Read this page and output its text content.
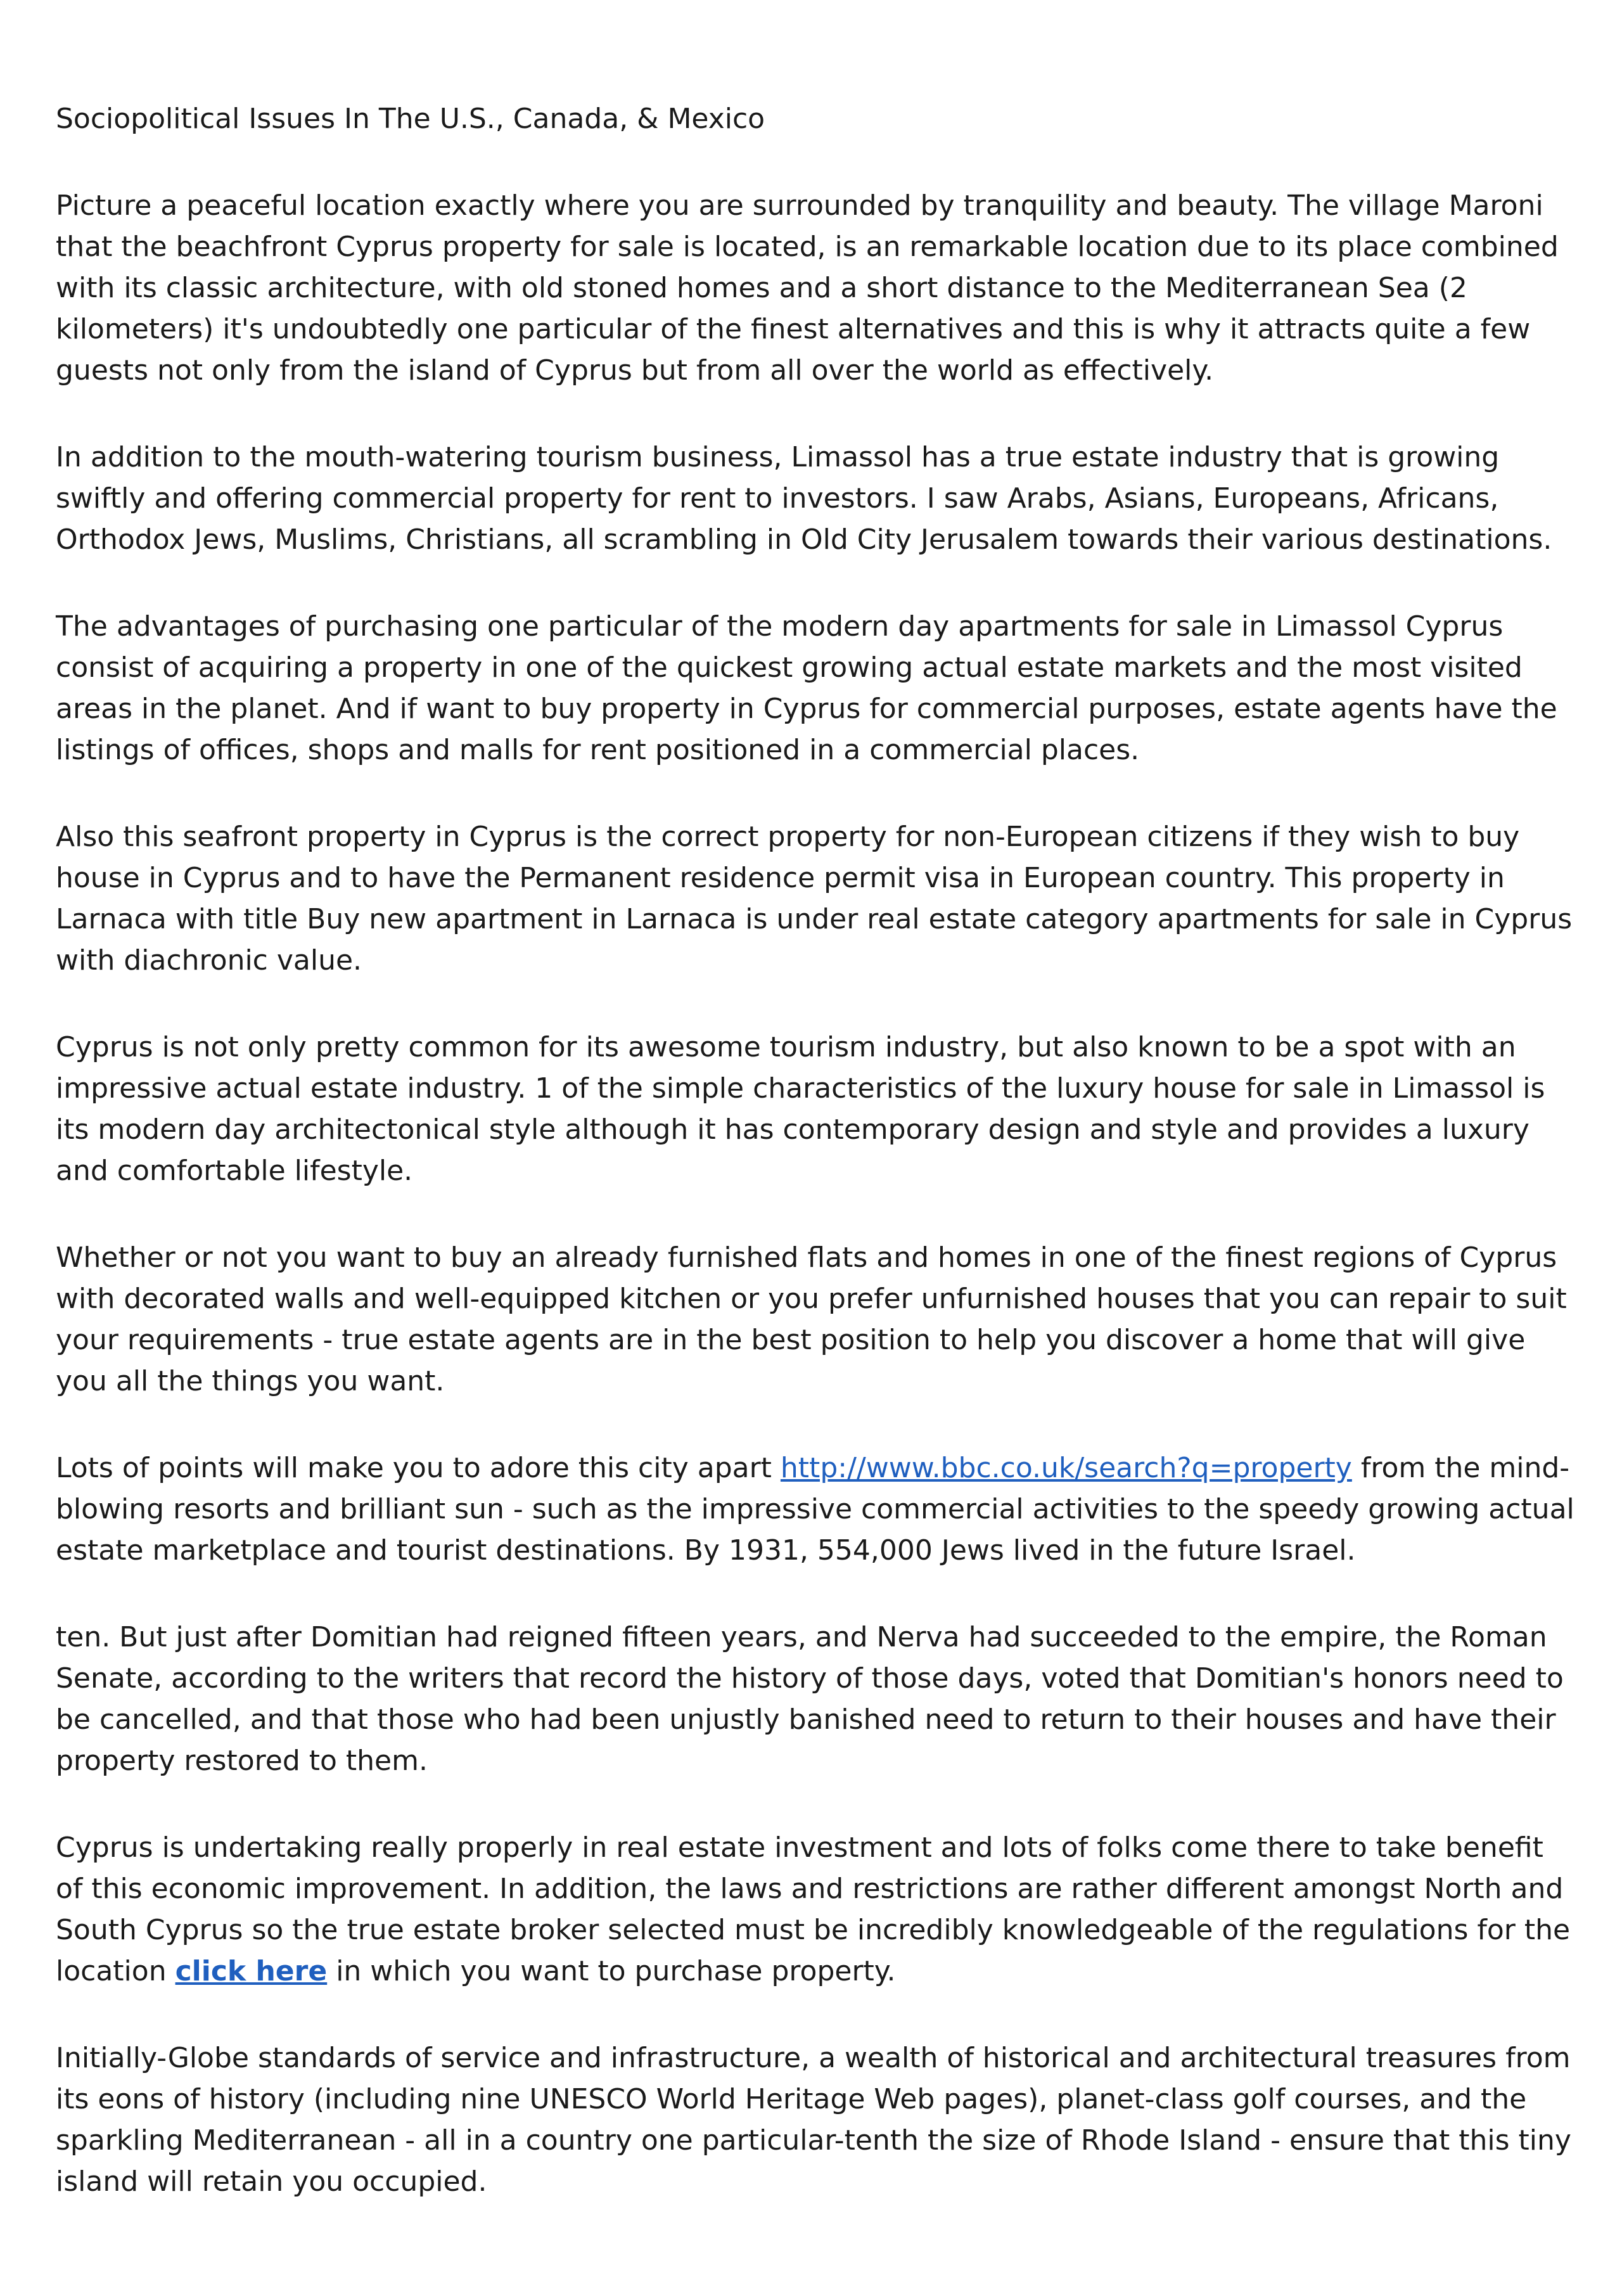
Sociopolitical Issues In The U.S., Canada, & Mexico

Picture a peaceful location exactly where you are surrounded by tranquility and beauty. The village Maroni that the beachfront Cyprus property for sale is located, is an remarkable location due to its place combined with its classic architecture, with old stoned homes and a short distance to the Mediterranean Sea (2 kilometers) it's undoubtedly one particular of the finest alternatives and this is why it attracts quite a few guests not only from the island of Cyprus but from all over the world as effectively.

In addition to the mouth-watering tourism business, Limassol has a true estate industry that is growing swiftly and offering commercial property for rent to investors. I saw Arabs, Asians, Europeans, Africans, Orthodox Jews, Muslims, Christians, all scrambling in Old City Jerusalem towards their various destinations.

The advantages of purchasing one particular of the modern day apartments for sale in Limassol Cyprus consist of acquiring a property in one of the quickest growing actual estate markets and the most visited areas in the planet. And if want to buy property in Cyprus for commercial purposes, estate agents have the listings of offices, shops and malls for rent positioned in a commercial places.

Also this seafront property in Cyprus is the correct property for non-European citizens if they wish to buy house in Cyprus and to have the Permanent residence permit visa in European country. This property in Larnaca with title Buy new apartment in Larnaca is under real estate category apartments for sale in Cyprus with diachronic value.

Cyprus is not only pretty common for its awesome tourism industry, but also known to be a spot with an impressive actual estate industry. 1 of the simple characteristics of the luxury house for sale in Limassol is its modern day architectonical style although it has contemporary design and style and provides a luxury and comfortable lifestyle.

Whether or not you want to buy an already furnished flats and homes in one of the finest regions of Cyprus with decorated walls and well-equipped kitchen or you prefer unfurnished houses that you can repair to suit your requirements - true estate agents are in the best position to help you discover a home that will give you all the things you want.

Lots of points will make you to adore this city apart http://www.bbc.co.uk/search?q=property from the mind-blowing resorts and brilliant sun - such as the impressive commercial activities to the speedy growing actual estate marketplace and tourist destinations. By 1931, 554,000 Jews lived in the future Israel.

ten. But just after Domitian had reigned fifteen years, and Nerva had succeeded to the empire, the Roman Senate, according to the writers that record the history of those days, voted that Domitian's honors need to be cancelled, and that those who had been unjustly banished need to return to their houses and have their property restored to them.

Cyprus is undertaking really properly in real estate investment and lots of folks come there to take benefit of this economic improvement. In addition, the laws and restrictions are rather different amongst North and South Cyprus so the true estate broker selected must be incredibly knowledgeable of the regulations for the location click here in which you want to purchase property.

Initially-Globe standards of service and infrastructure, a wealth of historical and architectural treasures from its eons of history (including nine UNESCO World Heritage Web pages), planet-class golf courses, and the sparkling Mediterranean - all in a country one particular-tenth the size of Rhode Island - ensure that this tiny island will retain you occupied.
